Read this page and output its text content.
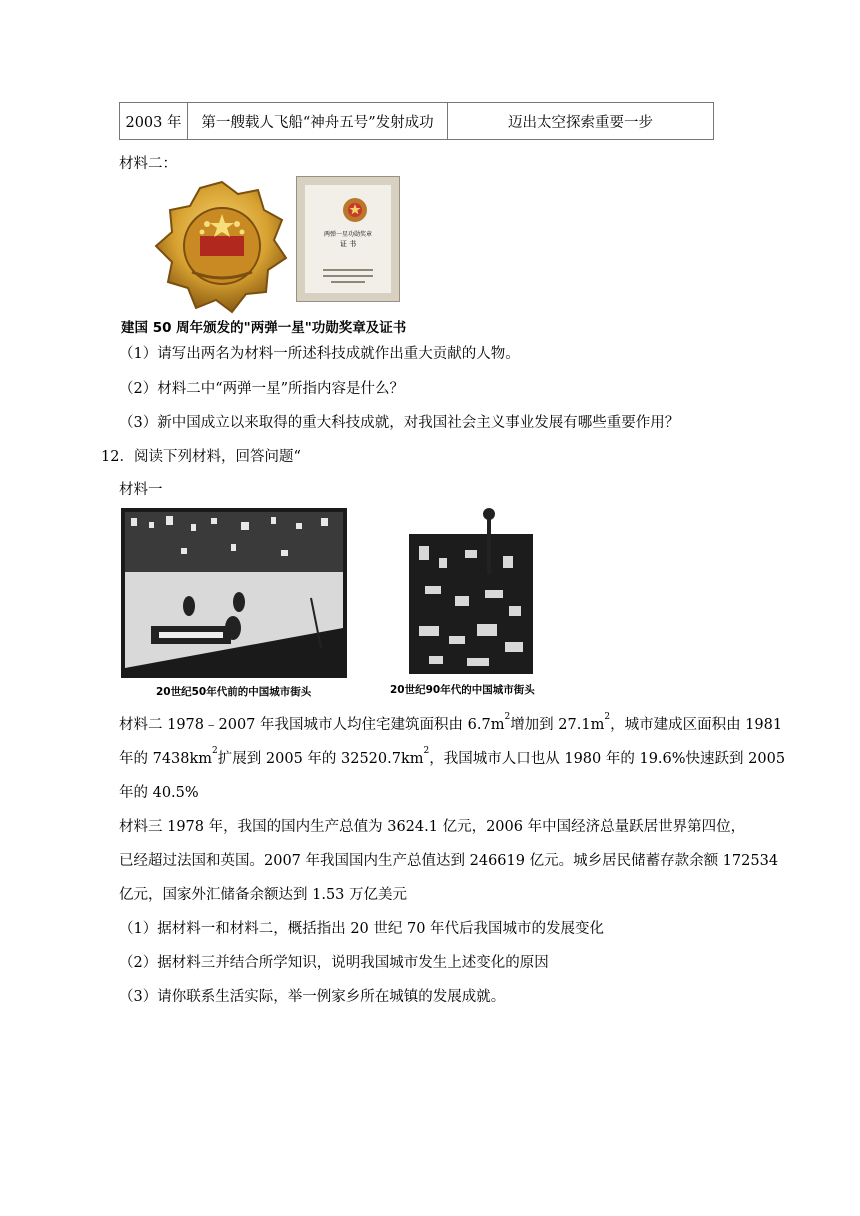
2003 年	第一艘载人飞船“神舟五号”发射成功	迈出太空探索重要一步
材料二：
两弹一星功勋奖章
证 书
建国 50 周年颁发的"两弹一星"功勋奖章及证书
（1）请写出两名为材料一所述科技成就作出重大贡献的人物。
（2）材料二中“两弹一星”所指内容是什么？
（3）新中国成立以来取得的重大科技成就，对我国社会主义事业发展有哪些重要作用？
12．阅读下列材料，回答问题“
材料一
20世纪50年代前的中国城市街头	20世纪90年代的中国城市街头
材料二 1978﹣2007 年我国城市人均住宅建筑面积由 $6.7m^2$增加到 $27.1m^2$，城市建成区面积由 1981
年的 $7438km^2$扩展到 2005 年的 $32520.7km^2$，我国城市人口也从 1980 年的 19.6%快速跃到 2005
年的 40.5%
材料三 1978 年，我国的国内生产总值为 3624.1 亿元，2006 年中国经济总量跃居世界第四位，
已经超过法国和英国。2007 年我国国内生产总值达到 246619 亿元。城乡居民储蓄存款余额 172534
亿元，国家外汇储备余额达到 1.53 万亿美元
（1）据材料一和材料二，概括指出 20 世纪 70 年代后我国城市的发展变化
（2）据材料三并结合所学知识，说明我国城市发生上述变化的原因
（3）请你联系生活实际，举一例家乡所在城镇的发展成就。
